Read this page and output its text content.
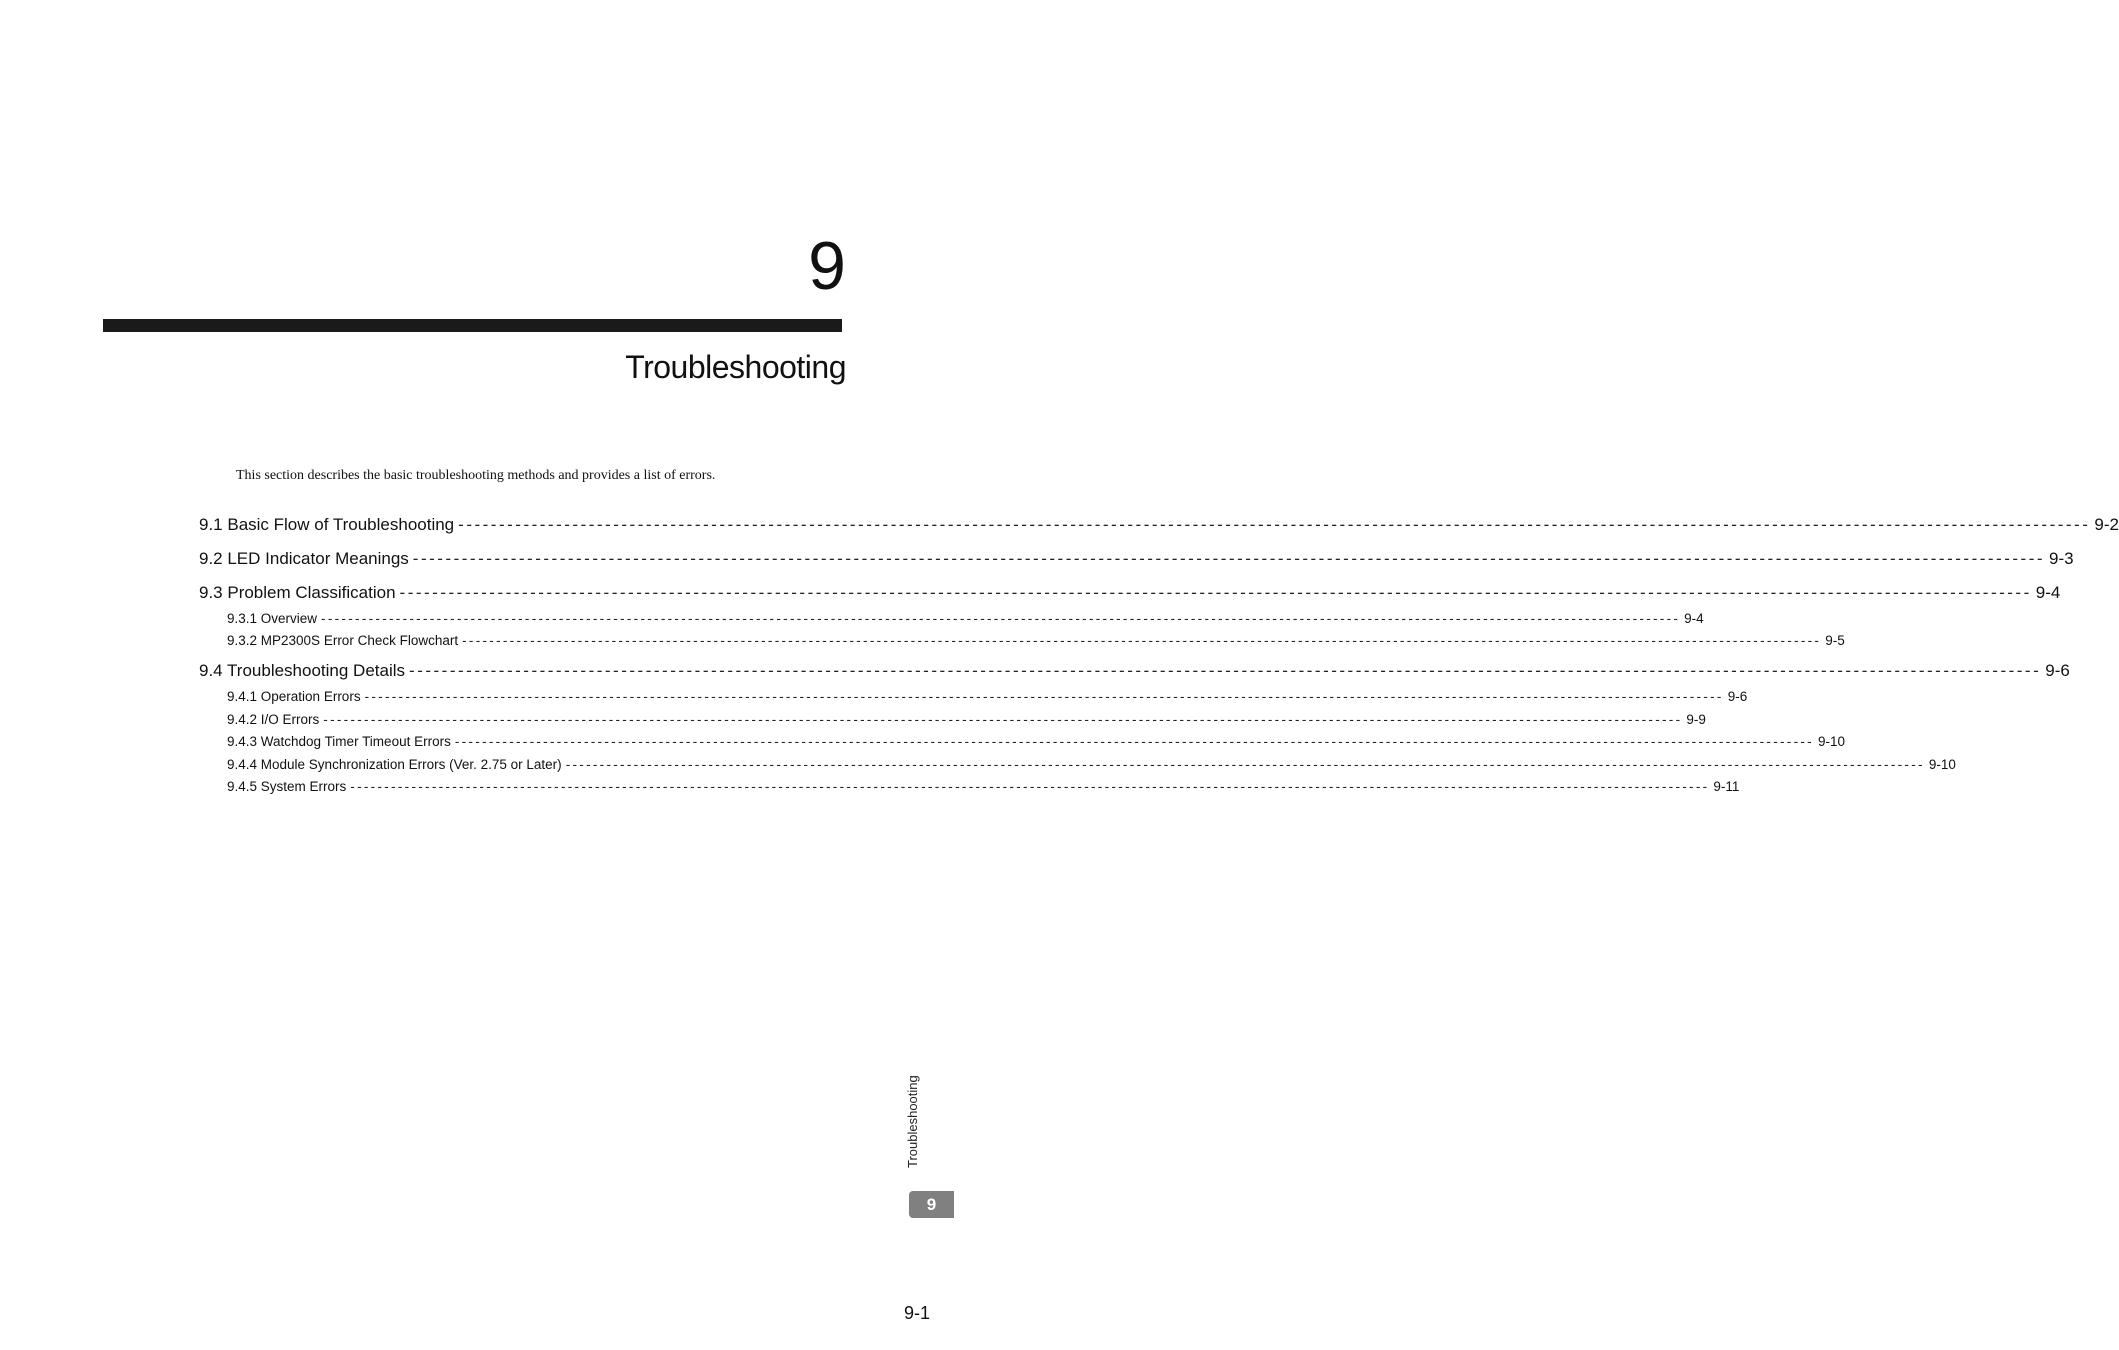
9
Troubleshooting

This section describes the basic troubleshooting methods and provides a list of errors.

9.1 Basic Flow of Troubleshooting -------------------------------------------------------------------------------------------------------------------------------------------------------------------------------------------------------- 9-2
9.2 LED Indicator Meanings -------------------------------------------------------------------------------------------------------------------------------------------------------------------------------------------------------- 9-3
9.3 Problem Classification -------------------------------------------------------------------------------------------------------------------------------------------------------------------------------------------------------- 9-4
9.3.1 Overview -------------------------------------------------------------------------------------------------------------------------------------------------------------------------------------------------------- 9-4
9.3.2 MP2300S Error Check Flowchart -------------------------------------------------------------------------------------------------------------------------------------------------------------------------------------------------------- 9-5
9.4 Troubleshooting Details -------------------------------------------------------------------------------------------------------------------------------------------------------------------------------------------------------- 9-6
9.4.1 Operation Errors -------------------------------------------------------------------------------------------------------------------------------------------------------------------------------------------------------- 9-6
9.4.2 I/O Errors -------------------------------------------------------------------------------------------------------------------------------------------------------------------------------------------------------- 9-9
9.4.3 Watchdog Timer Timeout Errors -------------------------------------------------------------------------------------------------------------------------------------------------------------------------------------------------------- 9-10
9.4.4 Module Synchronization Errors (Ver. 2.75 or Later) -------------------------------------------------------------------------------------------------------------------------------------------------------------------------------------------------------- 9-10
9.4.5 System Errors -------------------------------------------------------------------------------------------------------------------------------------------------------------------------------------------------------- 9-11
Troubleshooting
9
9-1
